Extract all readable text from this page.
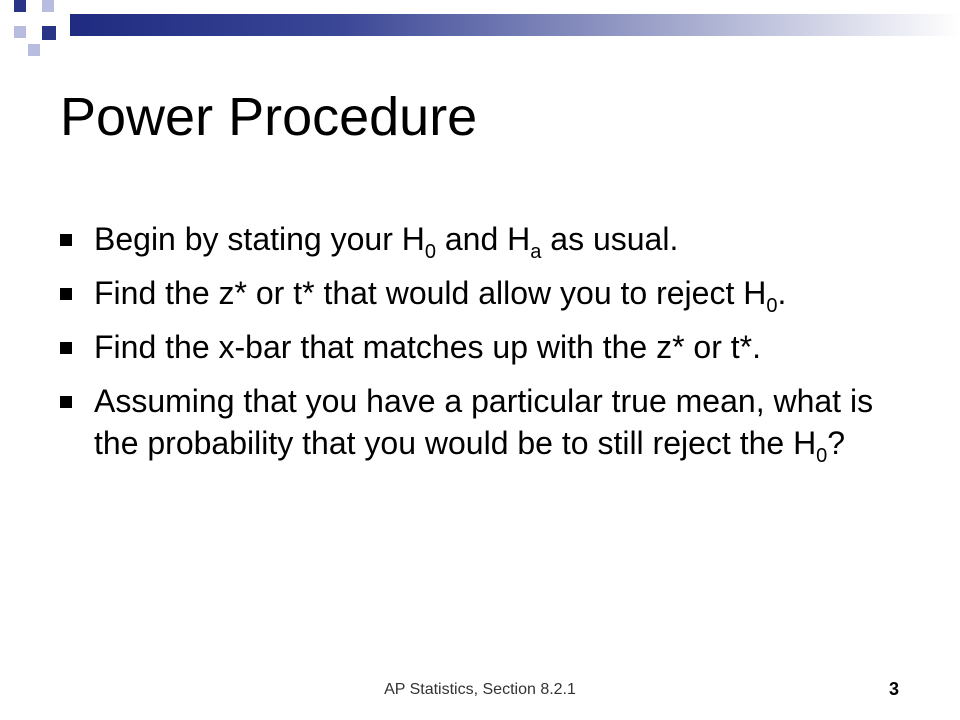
Power Procedure
Begin by stating your $H_0$ and $H_a$ as usual.
Find the z* or t* that would allow you to reject $H_0$.
Find the x-bar that matches up with the z* or t*.
Assuming that you have a particular true mean, what is the probability that you would be to still reject the $H_0$?
AP Statistics, Section 8.2.1	3
